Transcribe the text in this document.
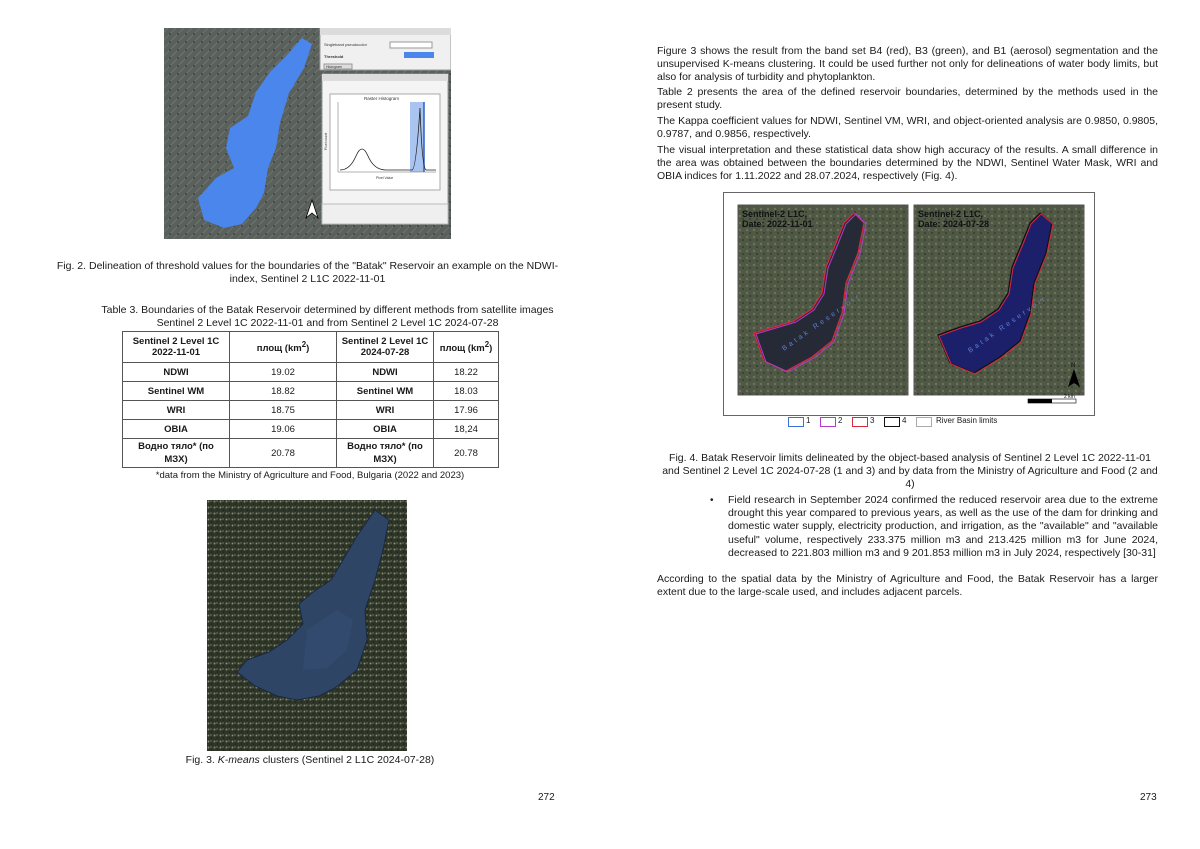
Singleband pseudocolor
Threshold
Histogram
Raster Histogram
Pixel Value
Pixel count
Fig. 2. Delineation of threshold values for the boundaries of the "Batak" Reservoir an example on the NDWI-index, Sentinel 2 L1C 2022-11-01
Table 3. Boundaries of the Batak Reservoir determined by different methods from satellite images Sentinel 2 Level 1C 2022-11-01 and from Sentinel 2 Level 1C 2024-07-28
Sentinel 2 Level 1C 2022-11-01	площ $(km^2)$	Sentinel 2 Level 1C 2024-07-28	площ $(km^2)$
NDWI	19.02	NDWI	18.22
Sentinel WM	18.82	Sentinel WM	18.03
WRI	18.75	WRI	17.96
OBIA	19.06	OBIA	18,24
Водно тяло* (по МЗХ)	20.78	Водно тяло* (по МЗХ)	20.78
*data from the Ministry of Agriculture and Food, Bulgaria (2022 and 2023)
Fig. 3. K-means clusters (Sentinel 2 L1C 2024-07-28)
272
Figure 3 shows the result from the band set B4 (red), B3 (green), and B1 (aerosol) segmentation and the unsupervised K-means clustering. It could be used further not only for delineations of water body limits, but also for analysis of turbidity and phytoplankton.
Table 2 presents the area of the defined reservoir boundaries, determined by the methods used in the present study.
The Kappa coefficient values for NDWI, Sentinel VM, WRI, and object-oriented analysis are 0.9850, 0.9805, 0.9787, and 0.9856, respectively.
The visual interpretation and these statistical data show high accuracy of the results. A small difference in the area was obtained between the boundaries determined by the NDWI, Sentinel Water Mask, WRI and OBIA indices for 1.11.2022 and 28.07.2024, respectively (Fig. 4).
Sentinel-2 L1C,
Date: 2022-11-01
Batak Reservoir
Sentinel-2 L1C,
Date: 2024-07-28
Batak Reservoir
2 km
N
1	2	3	4	River Basin limits
Fig. 4. Batak Reservoir limits delineated by the object-based analysis of Sentinel 2 Level 1C 2022-11-01 and Sentinel 2 Level 1C 2024-07-28 (1 and 3) and by data from the Ministry of Agriculture and Food (2 and 4)
• Field research in September 2024 confirmed the reduced reservoir area due to the extreme drought this year compared to previous years, as well as the use of the dam for drinking and domestic water supply, electricity production, and irrigation, as the "available" and "available useful" volume, respectively 233.375 million m3 and 213.425 million m3 for June 2024, decreased to 221.803 million m3 and 9 201.853 million m3 in July 2024, respectively [30-31]
According to the spatial data by the Ministry of Agriculture and Food, the Batak Reservoir has a larger extent due to the large-scale used, and includes adjacent parcels.
273
